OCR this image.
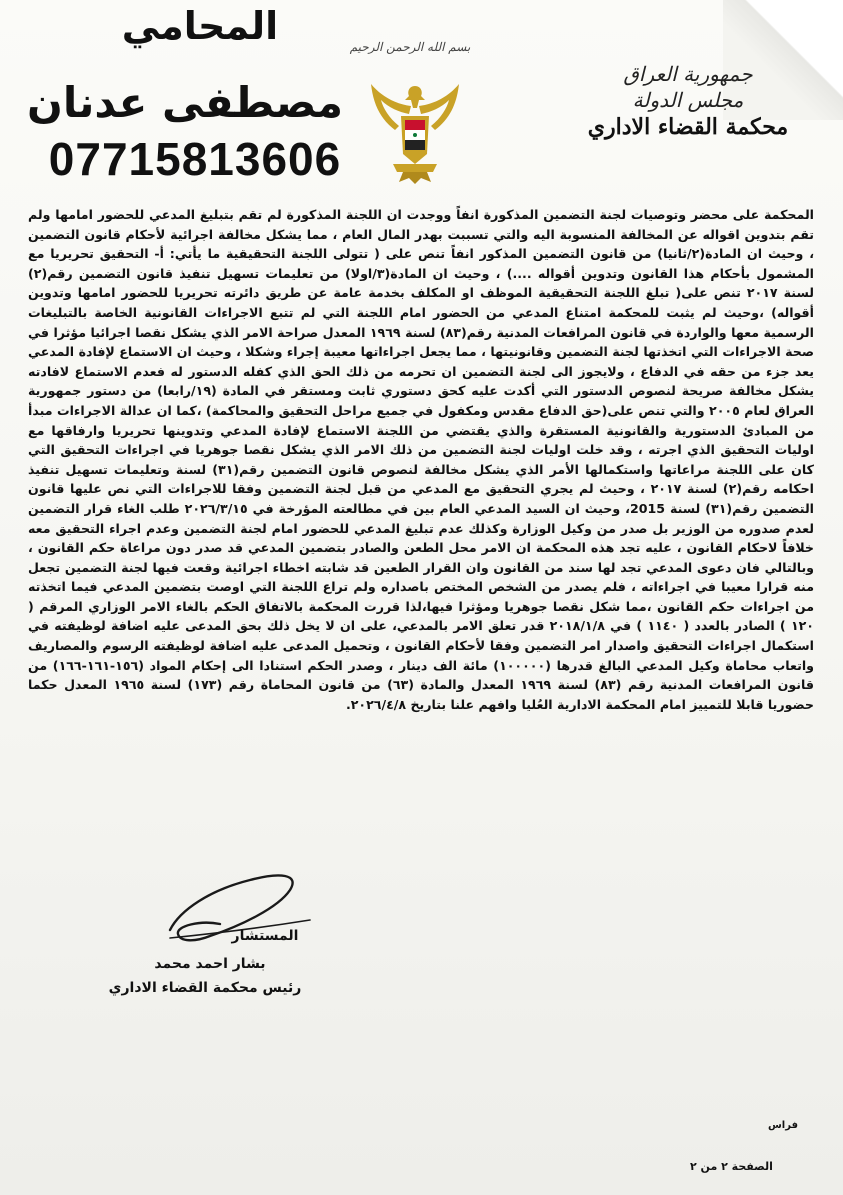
المحامي
مصطفى عدنان
07715813606
بسم الله الرحمن الرحيم
جمهورية العراق
مجلس الدولة
محكمة القضاء الاداري

المحكمة على محضر وتوصيات لجنة التضمين المذكورة انفاً ووجدت ان اللجنة المذكورة لم تقم بتبليغ المدعي للحضور امامها ولم تقم بتدوين اقواله عن المخالفة المنسوبة اليه والتي تسببت بهدر المال العام ، مما يشكل مخالفة اجرائية لأحكام قانون التضمين ، وحيث ان المادة(٢/ثانيا) من قانون التضمين المذكور انفاً تنص على ( تتولى اللجنة التحقيقية ما يأتي: أ- التحقيق تحريريا مع المشمول بأحكام هذا القانون وتدوين أقواله ....) ، وحيث ان المادة(٣/اولا) من تعليمات تسهيل تنفيذ قانون التضمين رقم(٢) لسنة ٢٠١٧ تنص على( تبلغ اللجنة التحقيقية الموظف او المكلف بخدمة عامة عن طريق دائرته تحريريا للحضور امامها وتدوين أقواله) ،وحيث لم يثبت للمحكمة امتناع المدعي من الحضور امام اللجنة التي لم تتبع الاجراءات القانونية الخاصة بالتبليغات الرسمية معها والواردة في قانون المرافعات المدنية رقم(٨٣) لسنة ١٩٦٩ المعدل صراحة الامر الذي يشكل نقصا اجرائيا مؤثرا في صحة الاجراءات التي اتخذتها لجنة التضمين وقانونيتها ، مما يجعل اجراءاتها معيبة إجراء وشكلا ، وحيث ان الاستماع لإفادة المدعي يعد جزء من حقه في الدفاع ، ولايجوز الى لجنة التضمين ان تحرمه من ذلك الحق الذي كفله الدستور له فعدم الاستماع لافادته يشكل مخالفة صريحة لنصوص الدستور التي أكدت عليه كحق دستوري ثابت ومستقر في المادة (١٩/رابعا) من دستور جمهورية العراق لعام ٢٠٠٥ والتي تنص على(حق الدفاع مقدس ومكفول في جميع مراحل التحقيق والمحاكمة) ،كما ان عدالة الاجراءات مبدأ من المبادئ الدستورية والقانونية المستقرة والذي يقتضي من اللجنة الاستماع لإفادة المدعي وتدوينها تحريريا وارفاقها مع اوليات التحقيق الذي اجرته ، وقد خلت اوليات لجنة التضمين من ذلك الامر الذي يشكل نقصا جوهريا في اجراءات التحقيق التي كان على اللجنة مراعاتها واستكمالها الأمر الذي يشكل مخالفة لنصوص قانون التضمين رقم(٣١) لسنة وتعليمات تسهيل تنفيذ احكامه رقم(٢) لسنة ٢٠١٧ ، وحيث لم يجري التحقيق مع المدعي من قبل لجنة التضمين وفقا للاجراءات التي نص عليها قانون التضمين رقم(٣١) لسنة 2015، وحيث ان السيد المدعي العام بين في مطالعته المؤرخة في ٢٠٢٦/٣/١٥ طلب الغاء قرار التضمين لعدم صدوره من الوزير بل صدر من وكيل الوزارة وكذلك عدم تبليغ المدعي للحضور امام لجنة التضمين وعدم اجراء التحقيق معه خلافاً لاحكام القانون ، عليه تجد هذه المحكمة ان الامر محل الطعن والصادر بتضمين المدعي قد صدر دون مراعاة حكم القانون ، وبالتالي فان دعوى المدعي تجد لها سند من القانون وان القرار الطعين قد شابته اخطاء اجرائية وقعت فيها لجنة التضمين تجعل منه قرارا معيبا في اجراءاته ، فلم يصدر من الشخص المختص باصداره ولم تراع اللجنة التي اوصت بتضمين المدعي فيما اتخذته من اجراءات حكم القانون ،مما شكل نقصا جوهريا ومؤثرا فيها،لذا قررت المحكمة بالاتفاق الحكم بالغاء الامر الوزاري المرقم ( ١٢٠ ) الصادر بالعدد ( ١١٤٠ ) في ٢٠١٨/١/٨ قدر تعلق الامر بالمدعي، على ان لا يخل ذلك بحق المدعى عليه اضافة لوظيفته في استكمال اجراءات التحقيق واصدار امر التضمين وفقا لأحكام القانون ، وتحميل المدعى عليه اضافة لوظيفته الرسوم والمصاريف واتعاب محاماة وكيل المدعي البالغ قدرها (١٠٠٠٠٠) مائة الف دينار ، وصدر الحكم استنادا الى إحكام المواد (١٥٦-١٦١-١٦٦) من قانون المرافعات المدنية رقم (٨٣) لسنة ١٩٦٩ المعدل والمادة (٦٣) من قانون المحاماة رقم (١٧٣) لسنة ١٩٦٥ المعدل حكما حضوريا قابلا للتمييز امام المحكمة الادارية العُليا وافهم علنا بتاريخ ٢٠٢٦/٤/٨.

المستشار
بشار احمد محمد
رئيس محكمة القضاء الاداري
فراس
الصفحة ٢ من ٢
